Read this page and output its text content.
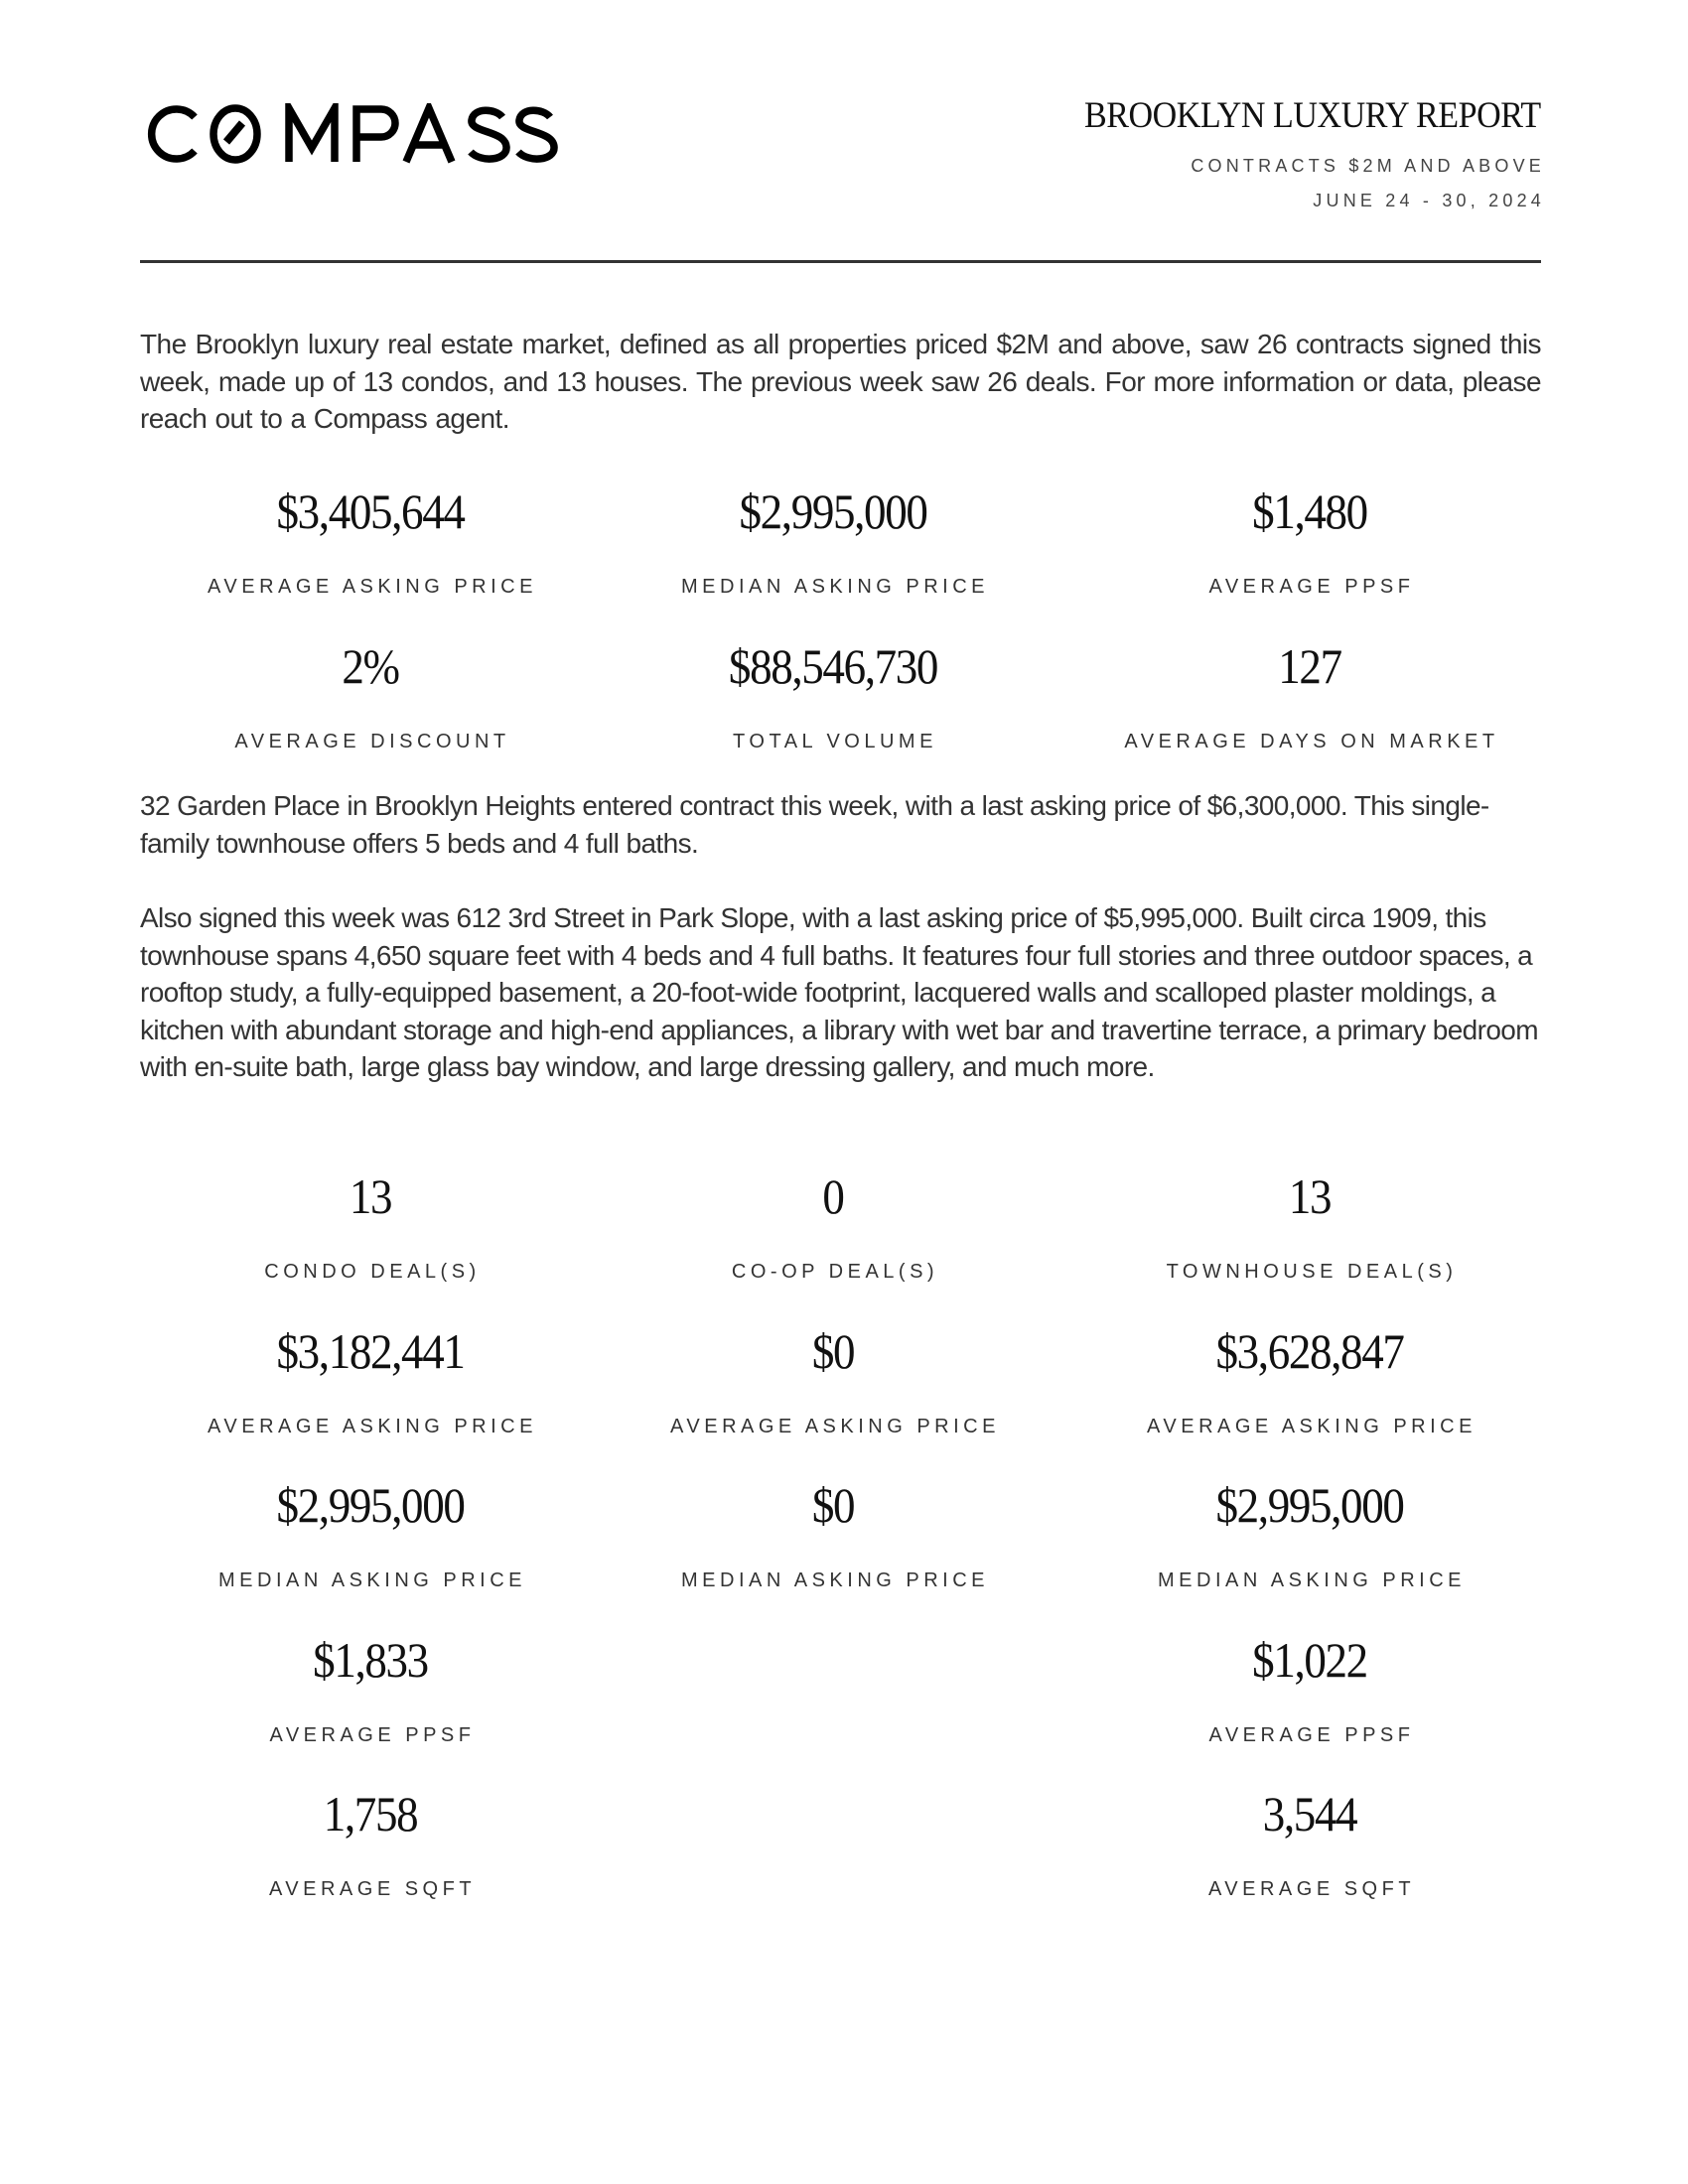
BROOKLYN LUXURY REPORT
CONTRACTS $2M AND ABOVE
JUNE 24 - 30, 2024

The Brooklyn luxury real estate market, defined as all properties priced $2M and above, saw 26 contracts signed this week, made up of 13 condos, and 13 houses. The previous week saw 26 deals. For more information or data, please reach out to a Compass agent.

$3,405,644
AVERAGE ASKING PRICE
$2,995,000
MEDIAN ASKING PRICE
$1,480
AVERAGE PPSF
2%
AVERAGE DISCOUNT
$88,546,730
TOTAL VOLUME
127
AVERAGE DAYS ON MARKET

32 Garden Place in Brooklyn Heights entered contract this week, with a last asking price of $6,300,000. This single-family townhouse offers 5 beds and 4 full baths.

Also signed this week was 612 3rd Street in Park Slope, with a last asking price of $5,995,000. Built circa 1909, this townhouse spans 4,650 square feet with 4 beds and 4 full baths. It features four full stories and three outdoor spaces, a rooftop study, a fully-equipped basement, a 20-foot-wide footprint, lacquered walls and scalloped plaster moldings, a kitchen with abundant storage and high-end appliances, a library with wet bar and travertine terrace, a primary bedroom with en-suite bath, large glass bay window, and large dressing gallery, and much more.

13
CONDO DEAL(S)
$3,182,441
AVERAGE ASKING PRICE
$2,995,000
MEDIAN ASKING PRICE
$1,833
AVERAGE PPSF
1,758
AVERAGE SQFT
0
CO-OP DEAL(S)
$0
AVERAGE ASKING PRICE
$0
MEDIAN ASKING PRICE
13
TOWNHOUSE DEAL(S)
$3,628,847
AVERAGE ASKING PRICE
$2,995,000
MEDIAN ASKING PRICE
$1,022
AVERAGE PPSF
3,544
AVERAGE SQFT
